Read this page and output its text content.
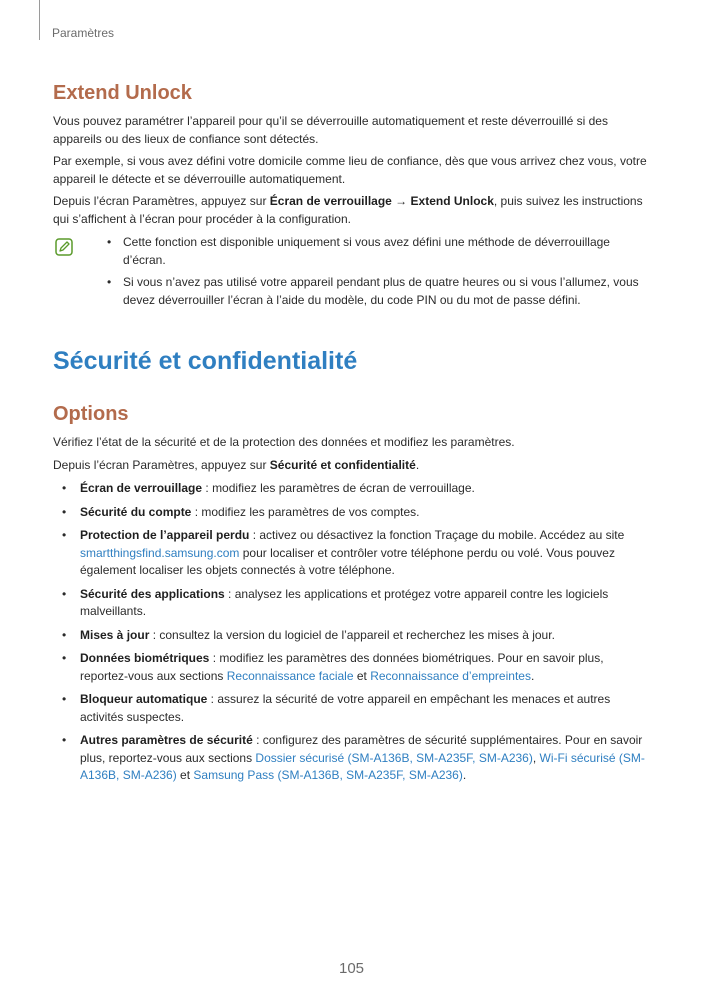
Paramètres
Extend Unlock

Vous pouvez paramétrer l’appareil pour qu’il se déverrouille automatiquement et reste déverrouillé si des appareils ou des lieux de confiance sont détectés.

Par exemple, si vous avez défini votre domicile comme lieu de confiance, dès que vous arrivez chez vous, votre appareil le détecte et se déverrouille automatiquement.

Depuis l’écran Paramètres, appuyez sur Écran de verrouillage → Extend Unlock, puis suivez les instructions qui s’affichent à l’écran pour procéder à la configuration.

• Cette fonction est disponible uniquement si vous avez défini une méthode de déverrouillage d’écran.
• Si vous n’avez pas utilisé votre appareil pendant plus de quatre heures ou si vous l’allumez, vous devez déverrouiller l’écran à l’aide du modèle, du code PIN ou du mot de passe défini.
Sécurité et confidentialité
Options

Vérifiez l’état de la sécurité et de la protection des données et modifiez les paramètres.

Depuis l’écran Paramètres, appuyez sur Sécurité et confidentialité.

• Écran de verrouillage : modifiez les paramètres de écran de verrouillage.
• Sécurité du compte : modifiez les paramètres de vos comptes.
• Protection de l’appareil perdu : activez ou désactivez la fonction Traçage du mobile. Accédez au site smartthingsfind.samsung.com pour localiser et contrôler votre téléphone perdu ou volé. Vous pouvez également localiser les objets connectés à votre téléphone.
• Sécurité des applications : analysez les applications et protégez votre appareil contre les logiciels malveillants.
• Mises à jour : consultez la version du logiciel de l’appareil et recherchez les mises à jour.
• Données biométriques : modifiez les paramètres des données biométriques. Pour en savoir plus, reportez-vous aux sections Reconnaissance faciale et Reconnaissance d’empreintes.
• Bloqueur automatique : assurez la sécurité de votre appareil en empêchant les menaces et autres activités suspectes.
• Autres paramètres de sécurité : configurez des paramètres de sécurité supplémentaires. Pour en savoir plus, reportez-vous aux sections Dossier sécurisé (SM-A136B, SM-A235F, SM-A236), Wi-Fi sécurisé (SM-A136B, SM-A236) et Samsung Pass (SM-A136B, SM-A235F, SM-A236).
105
